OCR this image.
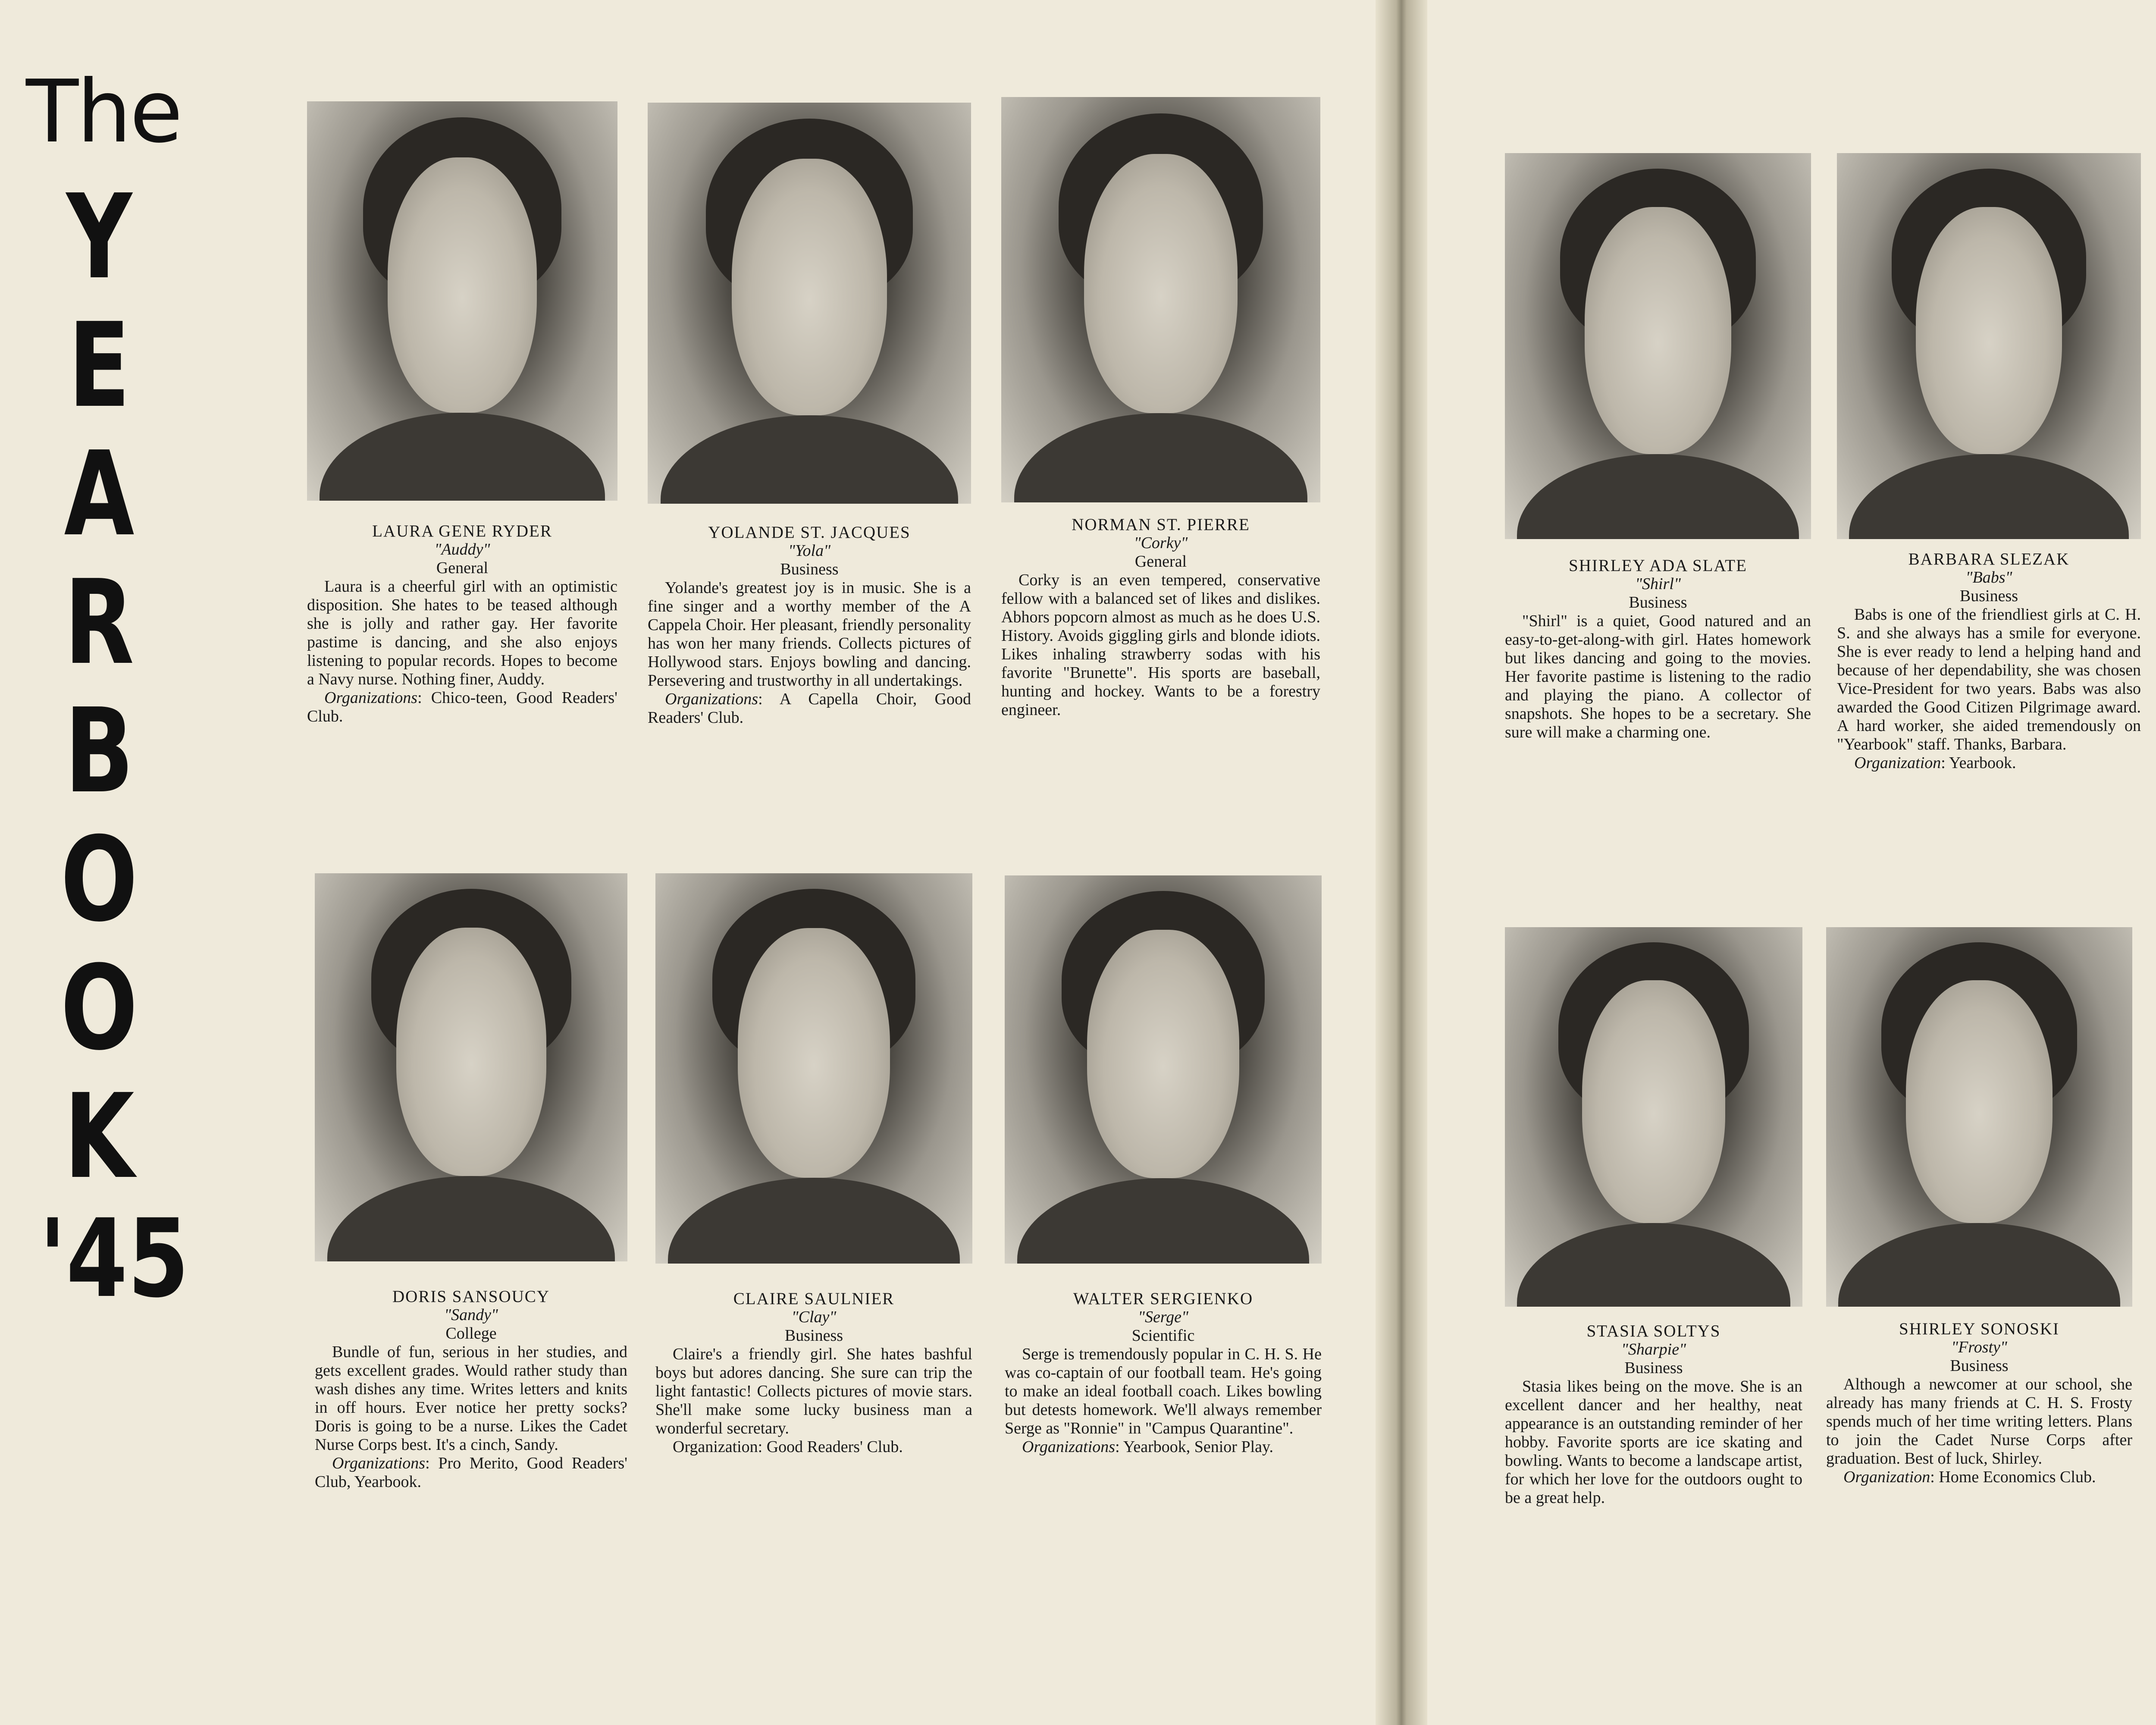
The
Y
E
A
R
B
O
O
K
'45
LAURA GENE RYDER
"Auddy"
General
Laura is a cheerful girl with an optimistic disposition. She hates to be teased although she is jolly and rather gay. Her favorite pastime is dancing, and she also enjoys listening to popular records. Hopes to become a Navy nurse. Nothing finer, Auddy.
Organizations: Chico-teen, Good Readers' Club.
YOLANDE ST. JACQUES
"Yola"
Business
Yolande's greatest joy is in music. She is a fine singer and a worthy member of the A Cappela Choir. Her pleasant, friendly personality has won her many friends. Collects pictures of Hollywood stars. Enjoys bowling and dancing. Persevering and trustworthy in all undertakings.
Organizations: A Capella Choir, Good Readers' Club.
NORMAN ST. PIERRE
"Corky"
General
Corky is an even tempered, conservative fellow with a balanced set of likes and dislikes. Abhors popcorn almost as much as he does U.S. History. Avoids giggling girls and blonde idiots. Likes inhaling strawberry sodas with his favorite "Brunette". His sports are baseball, hunting and hockey. Wants to be a forestry engineer.
DORIS SANSOUCY
"Sandy"
College
Bundle of fun, serious in her studies, and gets excellent grades. Would rather study than wash dishes any time. Writes letters and knits in off hours. Ever notice her pretty socks? Doris is going to be a nurse. Likes the Cadet Nurse Corps best. It's a cinch, Sandy.
Organizations: Pro Merito, Good Readers' Club, Yearbook.
CLAIRE SAULNIER
"Clay"
Business
Claire's a friendly girl. She hates bashful boys but adores dancing. She sure can trip the light fantastic! Collects pictures of movie stars. She'll make some lucky business man a wonderful secretary.
Organization: Good Readers' Club.
WALTER SERGIENKO
"Serge"
Scientific
Serge is tremendously popular in C. H. S. He was co-captain of our football team. He's going to make an ideal football coach. Likes bowling but detests homework. We'll always remember Serge as "Ronnie" in "Campus Quarantine".
Organizations: Yearbook, Senior Play.
SHIRLEY ADA SLATE
"Shirl"
Business
"Shirl" is a quiet, Good natured and an easy-to-get-along-with girl. Hates homework but likes dancing and going to the movies. Her favorite pastime is listening to the radio and playing the piano. A collector of snapshots. She hopes to be a secretary. She sure will make a charming one.
BARBARA SLEZAK
"Babs"
Business
Babs is one of the friendliest girls at C. H. S. and she always has a smile for everyone. She is ever ready to lend a helping hand and because of her dependability, she was chosen Vice-President for two years. Babs was also awarded the Good Citizen Pilgrimage award. A hard worker, she aided tremendously on "Yearbook" staff. Thanks, Barbara.
Organization: Yearbook.
STASIA SOLTYS
"Sharpie"
Business
Stasia likes being on the move. She is an excellent dancer and her healthy, neat appearance is an outstanding reminder of her hobby. Favorite sports are ice skating and bowling. Wants to become a landscape artist, for which her love for the outdoors ought to be a great help.
SHIRLEY SONOSKI
"Frosty"
Business
Although a newcomer at our school, she already has many friends at C. H. S. Frosty spends much of her time writing letters. Plans to join the Cadet Nurse Corps after graduation. Best of luck, Shirley.
Organization: Home Economics Club.
